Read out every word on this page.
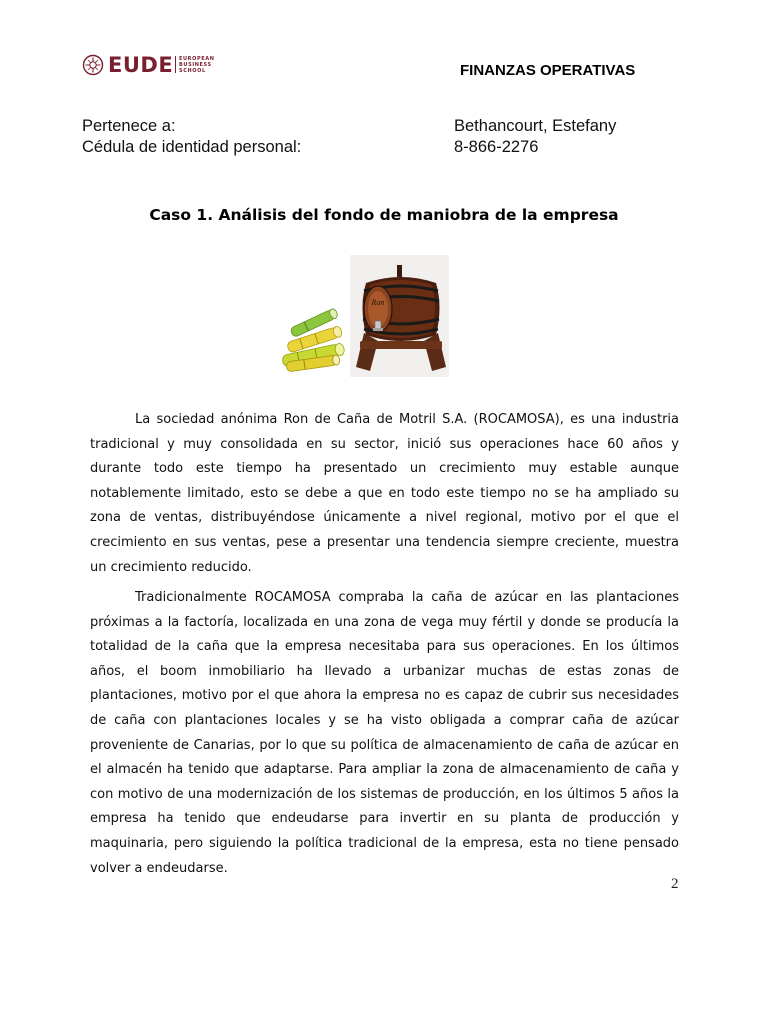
EUDE EUROPEAN
BUSINESS
SCHOOL	FINANZAS OPERATIVAS
Pertenece a:	Bethancourt, Estefany
Cédula de identidad personal:	8-866-2276
Caso 1. Análisis del fondo de maniobra de la empresa
Ron

La sociedad anónima Ron de Caña de Motril S.A. (ROCAMOSA), es una industria tradicional y muy consolidada en su sector, inició sus operaciones hace 60 años y durante todo este tiempo ha presentado un crecimiento muy estable aunque notablemente limitado, esto se debe a que en todo este tiempo no se ha ampliado su zona de ventas, distribuyéndose únicamente a nivel regional, motivo por el que el crecimiento en sus ventas, pese a presentar una tendencia siempre creciente, muestra un crecimiento reducido.

Tradicionalmente ROCAMOSA compraba la caña de azúcar en las plantaciones próximas a la factoría, localizada en una zona de vega muy fértil y donde se producía la totalidad de la caña que la empresa necesitaba para sus operaciones. En los últimos años, el boom inmobiliario ha llevado a urbanizar muchas de estas zonas de plantaciones, motivo por el que ahora la empresa no es capaz de cubrir sus necesidades de caña con plantaciones locales y se ha visto obligada a comprar caña de azúcar proveniente de Canarias, por lo que su política de almacenamiento de caña de azúcar en el almacén ha tenido que adaptarse. Para ampliar la zona de almacenamiento de caña y con motivo de una modernización de los sistemas de producción, en los últimos 5 años la empresa ha tenido que endeudarse para invertir en su planta de producción y maquinaria, pero siguiendo la política tradicional de la empresa, esta no tiene pensado volver a endeudarse.

2
